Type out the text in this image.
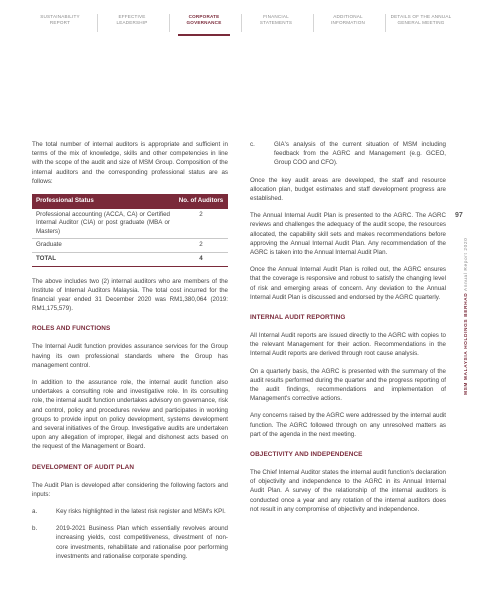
SUSTAINABILITY
REPORT
EFFECTIVE
LEADERSHIP
CORPORATE
GOVERNANCE
FINANCIAL
STATEMENTS
ADDITIONAL
INFORMATION
DETAILS OF THE ANNUAL
GENERAL MEETING

The total number of internal auditors is appropriate and sufficient in terms of the mix of knowledge, skills and other competencies in line with the scope of the audit and size of MSM Group. Composition of the internal auditors and the corresponding professional status are as follows:

Professional Status	No. of Auditors
Professional accounting (ACCA, CA) or Certified Internal Auditor (CIA) or post graduate (MBA or Masters)	2
Graduate	2
TOTAL	4

The above includes two (2) internal auditors who are members of the Institute of Internal Auditors Malaysia. The total cost incurred for the financial year ended 31 December 2020 was RM1,380,064 (2019: RM1,175,579).

ROLES AND FUNCTIONS

The Internal Audit function provides assurance services for the Group having its own professional standards where the Group has management control.

In addition to the assurance role, the internal audit function also undertakes a consulting role and investigative role. In its consulting role, the internal audit function undertakes advisory on governance, risk and control, policy and procedures review and participates in working groups to provide input on policy development, systems development and several initiatives of the Group. Investigative audits are undertaken upon any allegation of improper, illegal and dishonest acts based on the request of the Management or Board.

DEVELOPMENT OF AUDIT PLAN

The Audit Plan is developed after considering the following factors and inputs:

a.	Key risks highlighted in the latest risk register and MSM's KPI.
b.	2019-2021 Business Plan which essentially revolves around increasing yields, cost competitiveness, divestment of non-core investments, rehabilitate and rationalise poor performing investments and rationalise corporate spending.
c.	GIA's analysis of the current situation of MSM including feedback from the AGRC and Management (e.g. GCEO, Group COO and CFO).

Once the key audit areas are developed, the staff and resource allocation plan, budget estimates and staff development progress are established.

The Annual Internal Audit Plan is presented to the AGRC. The AGRC reviews and challenges the adequacy of the audit scope, the resources allocated, the capability skill sets and makes recommendations before approving the Annual Internal Audit Plan. Any recommendation of the AGRC is taken into the Annual Internal Audit Plan.

Once the Annual Internal Audit Plan is rolled out, the AGRC ensures that the coverage is responsive and robust to satisfy the changing level of risk and emerging areas of concern. Any deviation to the Annual Internal Audit Plan is discussed and endorsed by the AGRC quarterly.

INTERNAL AUDIT REPORTING

All Internal Audit reports are issued directly to the AGRC with copies to the relevant Management for their action. Recommendations in the Internal Audit reports are derived through root cause analysis.

On a quarterly basis, the AGRC is presented with the summary of the audit results performed during the quarter and the progress reporting of the audit findings, recommendations and implementation of Management's corrective actions.

Any concerns raised by the AGRC were addressed by the internal audit function. The AGRC followed through on any unresolved matters as part of the agenda in the next meeting.

OBJECTIVITY AND INDEPENDENCE

The Chief Internal Auditor states the internal audit function's declaration of objectivity and independence to the AGRC in its Annual Internal Audit Plan. A survey of the relationship of the internal auditors is conducted once a year and any rotation of the internal auditors does not result in any compromise of objectivity and independence.

97
MSM MALAYSIA HOLDINGS BERHAD Annual Report 2020
